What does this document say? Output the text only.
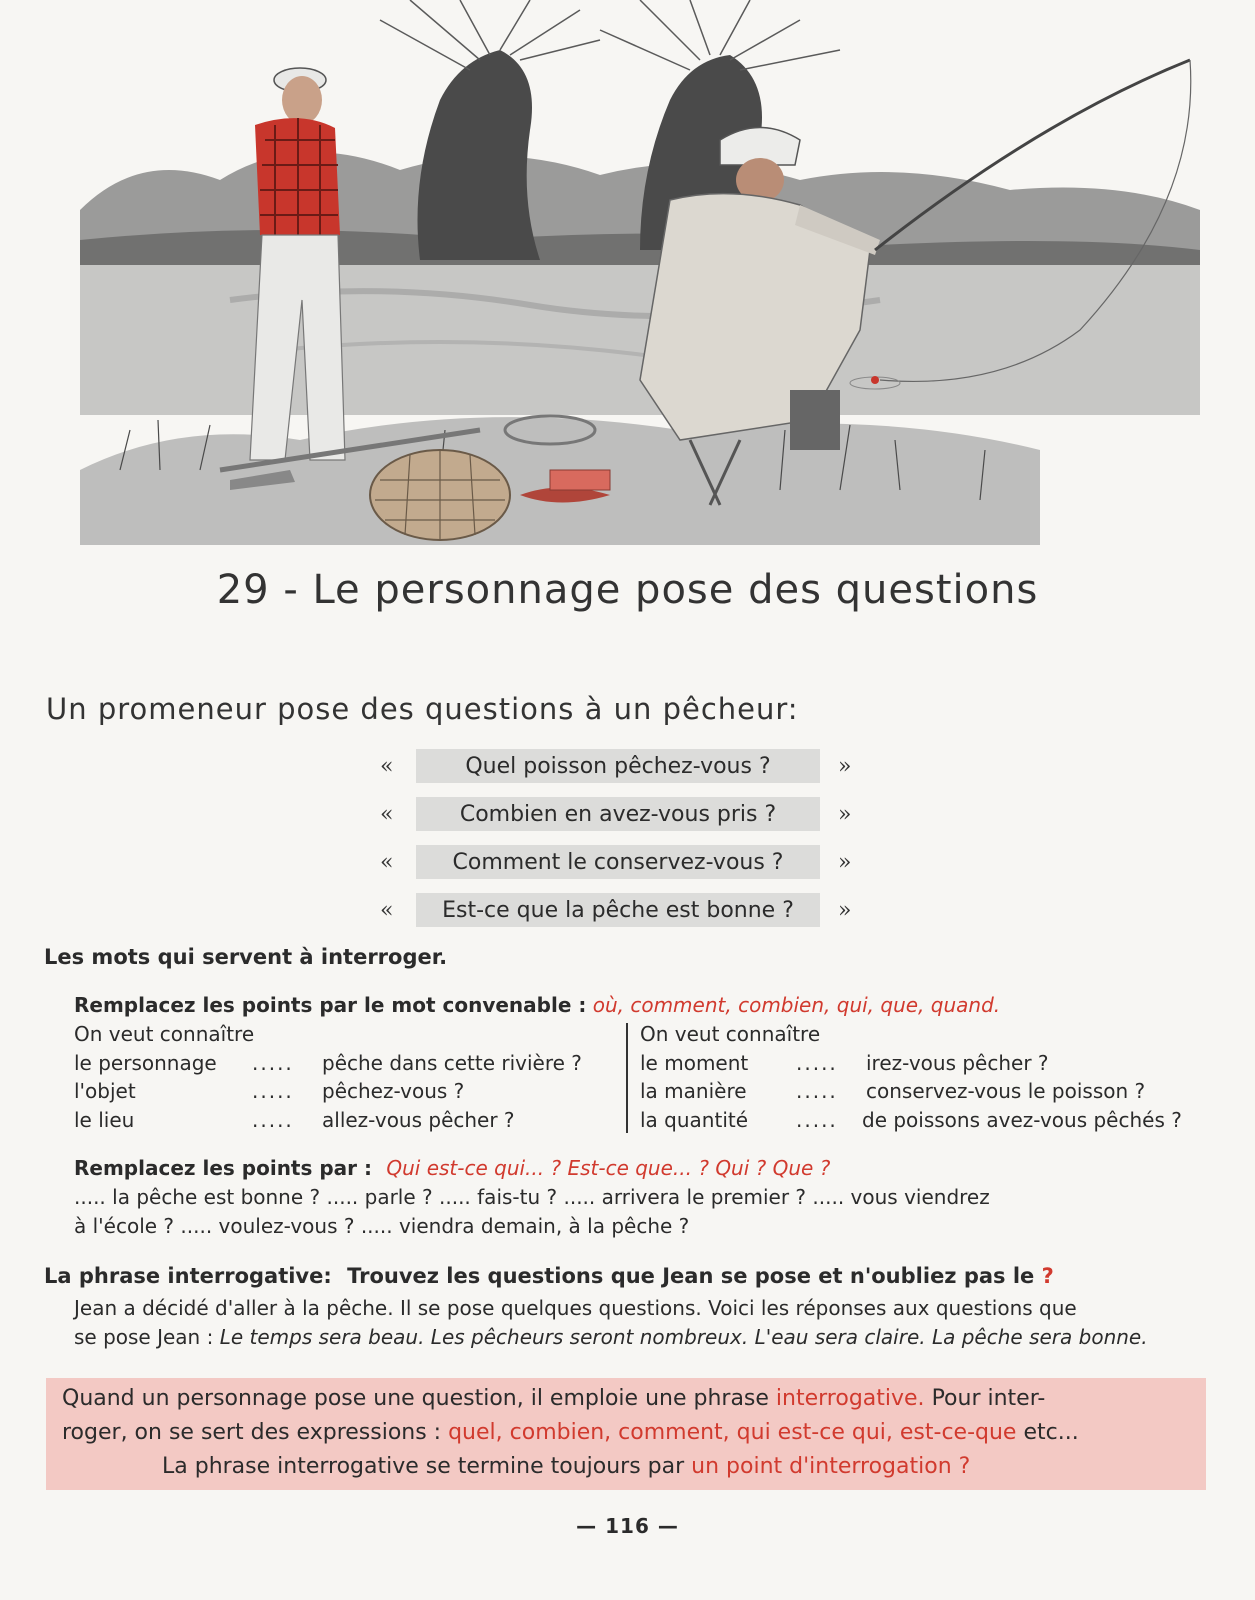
29 - Le personnage pose des questions
Un promeneur pose des questions à un pêcheur:
«	Quel poisson pêchez-vous ?	»
«	Combien en avez-vous pris ?	»
«	Comment le conservez-vous ?	»
«	Est-ce que la pêche est bonne ?	»
Les mots qui servent à interroger.
Remplacez les points par le mot convenable : où, comment, combien, qui, que, quand.
On veut connaître
le personnage	.....	pêche dans cette rivière ?
l'objet	.....	pêchez-vous ?
le lieu	.....	allez-vous pêcher ?
On veut connaître
le moment	.....	irez-vous pêcher ?
la manière	.....	conservez-vous le poisson ?
la quantité	.....	de poissons avez-vous pêchés ?
Remplacez les points par : Qui est-ce qui... ? Est-ce que... ? Qui ? Que ?
..... la pêche est bonne ? ..... parle ? ..... fais-tu ? ..... arrivera le premier ? ..... vous viendrez
à l'école ? ..... voulez-vous ? ..... viendra demain, à la pêche ?
La phrase interrogative: Trouvez les questions que Jean se pose et n'oubliez pas le ?
Jean a décidé d'aller à la pêche. Il se pose quelques questions. Voici les réponses aux questions que
se pose Jean : Le temps sera beau. Les pêcheurs seront nombreux. L'eau sera claire. La pêche sera bonne.
Quand un personnage pose une question, il emploie une phrase interrogative. Pour inter-
roger, on se sert des expressions : quel, combien, comment, qui est-ce qui, est-ce-que etc...
La phrase interrogative se termine toujours par un point d'interrogation ?
— 116 —
